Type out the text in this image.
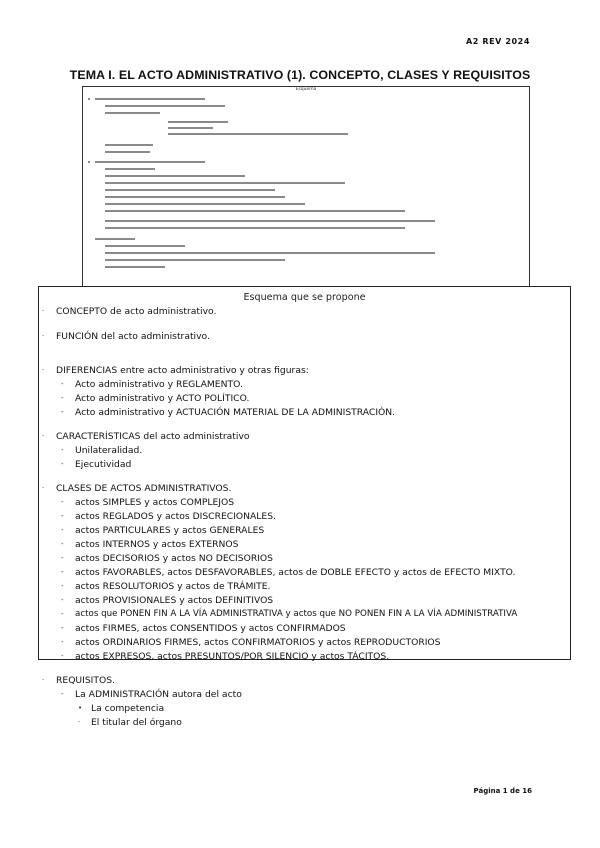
A2 REV 2024
TEMA I. EL ACTO ADMINISTRATIVO (1). CONCEPTO, CLASES Y REQUISITOS
Esquema
Esquema que se propone
· CONCEPTO de acto administrativo.
· FUNCIÓN del acto administrativo.
· DIFERENCIAS entre acto administrativo y otras figuras:
- Acto administrativo y REGLAMENTO.
- Acto administrativo y ACTO POLÍTICO.
- Acto administrativo y ACTUACIÓN MATERIAL DE LA ADMINISTRACIÓN.
· CARACTERÍSTICAS del acto administrativo
- Unilateralidad.
- Ejecutividad
· CLASES DE ACTOS ADMINISTRATIVOS.
- actos SIMPLES y actos COMPLEJOS
- actos REGLADOS y actos DISCRECIONALES.
- actos PARTICULARES y actos GENERALES
- actos INTERNOS y actos EXTERNOS
- actos DECISORIOS y actos NO DECISORIOS
- actos FAVORABLES, actos DESFAVORABLES, actos de DOBLE EFECTO y actos de EFECTO MIXTO.
- actos RESOLUTORIOS y actos de TRÁMITE.
- actos PROVISIONALES y actos DEFINITIVOS
- actos que PONEN FIN A LA VÍA ADMINISTRATIVA y actos que NO PONEN FIN A LA VÍA ADMINISTRATIVA
- actos FIRMES, actos CONSENTIDOS y actos CONFIRMADOS
- actos ORDINARIOS FIRMES, actos CONFIRMATORIOS y actos REPRODUCTORIOS
- actos EXPRESOS, actos PRESUNTOS/POR SILENCIO y actos TÁCITOS.
· REQUISITOS.
- La ADMINISTRACIÓN autora del acto
• La competencia
· El titular del órgano
Página 1 de 16
